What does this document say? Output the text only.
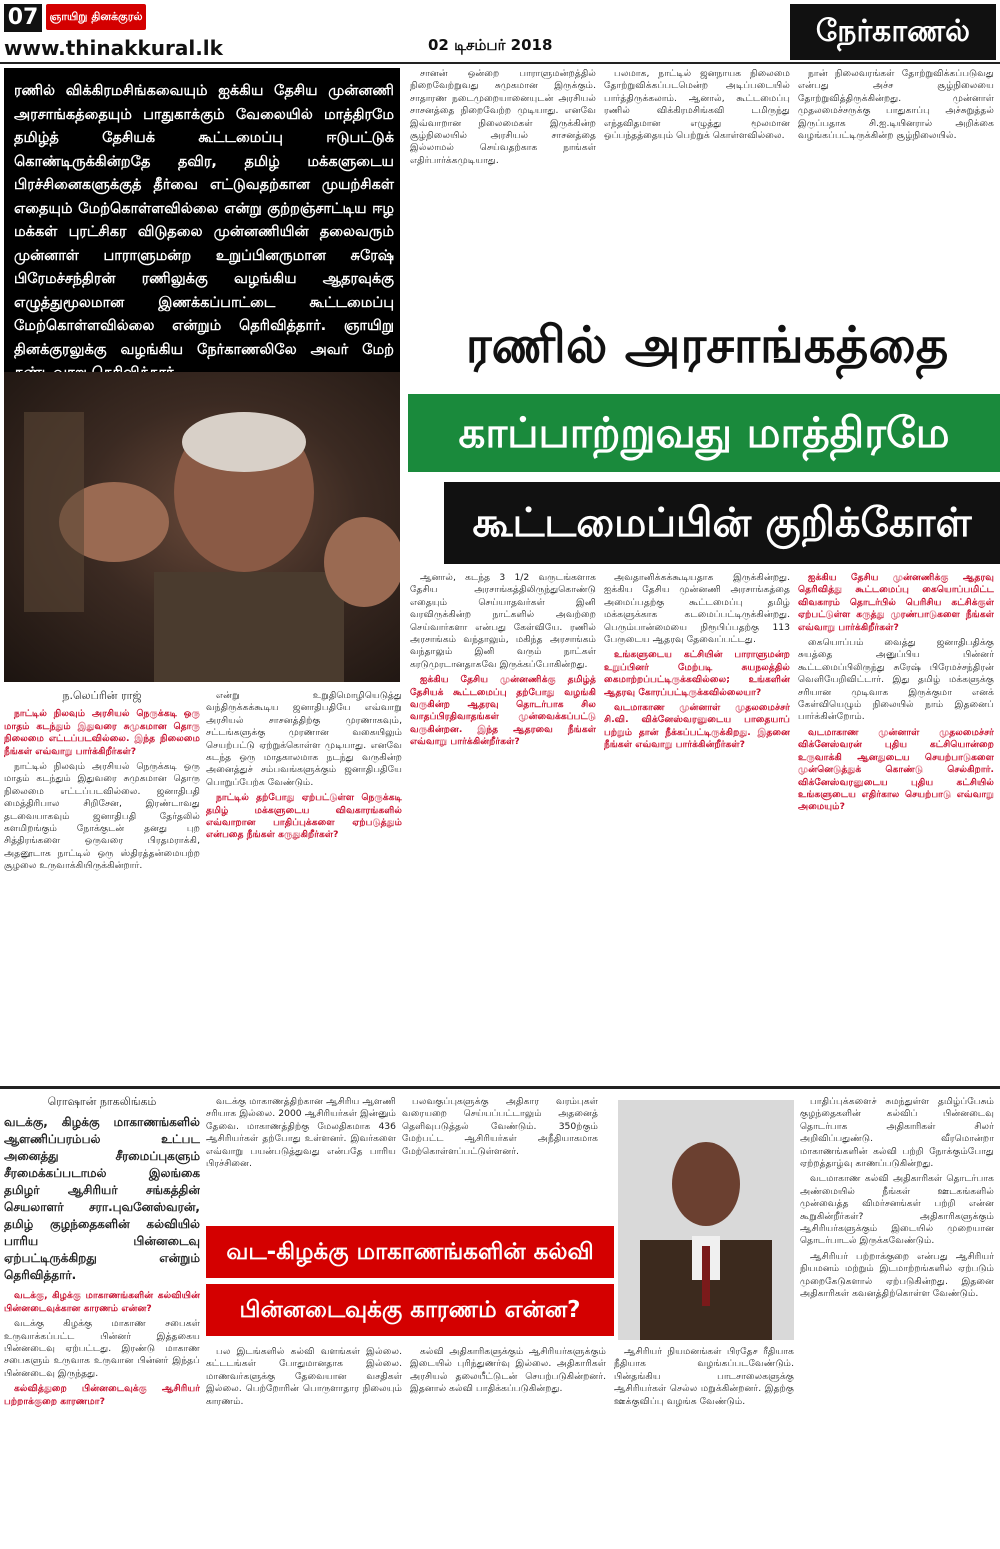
07	ஞாயிறு தினக்குரல்
www.thinakkural.lk	02 டிசம்பர் 2018	நேர்காணல்
ரணில் விக்கிரமசிங்கவையும் ஐக்கிய தேசிய முன்னணி அரசாங்கத்தையும் பாதுகாக்கும் வேலையில் மாத்திரமே தமிழ்த் தேசியக் கூட்டமைப்பு ஈடுபட்டுக் கொண்டிருக்கின்றதே தவிர, தமிழ் மக்களுடைய பிரச்சினைகளுக்குத் தீர்வை எட்டுவதற்கான முயற்சிகள் எதையும் மேற்கொள்ளவில்லை என்று குற்றஞ்சாட்டிய ஈழ மக்கள் புரட்சிகர விடுதலை முன்னணியின் தலைவரும் முன்னாள் பாராளுமன்ற உறுப்பினருமான சுரேஷ் பிரேமச்சந்திரன் ரணிலுக்கு வழங்கிய ஆதரவுக்கு எழுத்துமூலமான இணக்கப்பாட்டை கூட்டமைப்பு மேற்கொள்ளவில்லை என்றும் தெரிவித்தார். ஞாயிறு தினக்குரலுக்கு வழங்கிய நேர்காணலிலே அவர் மேற்	ரணில் அரசாங்கத்தை
காப்பாற்றுவது மாத்திரமே
கூட்டமைப்பின் குறிக்கோள்

சானன் ஒன்றை பாராளுமன்றத்தில் நிறைவேற்றுவது சுமுகமான இருக்கும். சாதாரண நடைமுறையானையுடன் அரசியல் சாசனத்தை நிறைவேற்ற முடியாது. எனவே இவ்வாறான நிலைமைகள் இருக்கின்ற சூழ்நிலையில் அரசியல் சாசனத்தை இல்லாமல் செய்வதற்காக நாங்கள் எதிர்பார்க்கமுடியாது.

பலமாக, நாட்டில் ஜனநாயக நிலைமை தோற்றுவிக்கப்படமென்ற அடிப்படையில் பார்த்திருக்கலாம். ஆனால், கூட்டமைப்பு ரணில் விக்கிரமசிங்கவி டமிருந்து எந்தவிதமான எழுத்து மூலமான ஒப்பந்தத்தையும் பெற்றுக் கொள்ளவில்லை.

நான் நிலைவரங்கள் தோற்றுவிக்கப்படுவது என்பது அச்ச சூழ்நிலையை தோற்றுவித்திருக்கின்றது. முன்னாள் முதலமைச்சருக்கு பாதுகாப்பு அச்சுறுத்தல் இருப்பதாக சி.ஐ.டியினரால் அறிக்கை வழங்கப்பட்டிருக்கின்ற சூழ்நிலையில்.

ந.லெப்ரின் ராஜ்

நாட்டில் நிலவும் அரசியல் நெருக்கடி ஒரு மாதம் கடந்தும் இதுவரை சுமுகமான தொரு நிலைமை எட்டப்படவில்லை. இந்த நிலைமை நீங்கள் எவ்வாறு பார்க்கிறீர்கள்?

நாட்டில் நிலவும் அரசியல் நெருக்கடி ஒரு மாதம் கடந்தும் இதுவரை சுமுகமான தொரு நிலைமை எட்டப்படவில்லை. ஜனாதிபதி மைத்திரிபால சிறிசேன, இரண்டாவது தடவையாகவும் ஜனாதிபதி தேர்தலில் களமிறங்கும் நோக்குடன் தனது புற சித்திரங்களை ஒருவரை பிரதமராக்கி, அதனூடாக நாட்டில் ஒரு ஸ்திரத்தன்மையற்ற சூழலை உருவாக்கியிருக்கின்றார்.

என்று உறுதிமொழியெடுத்து வந்திருக்கக்கூடிய ஜனாதிபதியே எவ்வாறு அரசியல் சாசனத்திற்கு முரணாகவும், சட்டங்களுக்கு முரணான வகையிலும் செயற்பட்டு ஏற்றுக்கொள்ள முடியாது. எனவே கடந்த ஒரு மாதகாலமாக நடந்து வருகின்ற அனைத்துச் சம்பவங்களுக்கும் ஜனாதிபதியே பொறுப்பேற்க வேண்டும்.

நாட்டில் தற்போது ஏற்பட்டுள்ள நெருக்கடி தமிழ் மக்களுடைய விவகாரங்களில் எவ்வாறான பாதிப்புக்களை ஏற்படுத்தும் என்பதை நீங்கள் கருதுகிறீர்கள்?

ஆனால், கடந்த 3 1/2 வருடங்களாக தேசிய அரசாங்கத்திலிருந்துகொண்டு எதையும் செய்யாதவர்கள் இனி வரவிருக்கின்ற நாட்களில் அவற்றை செய்வார்களா என்பது கேள்வியே. ரணில் அரசாங்கம் வந்தாலும், மகிந்த அரசாங்கம் வந்தாலும் இனி வரும் நாட்கள் கரடுமுரடானதாகவே இருக்கப்போகின்றது.

ஐக்கிய தேசிய முன்னணிக்கு தமிழ்த் தேசியக் கூட்டமைப்பு தற்போது வழங்கி வருகின்ற ஆதரவு தொடர்பாக சில வாதப்பிரதிவாதங்கள் முன்வைக்கப்பட்டு வருகின்றன. இந்த ஆதரவை நீங்கள் எவ்வாறு பார்க்கின்றீர்கள்?

அவதானிக்கக்கூடியதாக இருக்கின்றது. ஐக்கிய தேசிய முன்னணி அரசாங்கத்தை அமைப்பதற்கு கூட்டமைப்பு தமிழ் மக்களுக்காக கடமைப்பட்டிருக்கின்றது. பெரும்பான்மையை நிரூபிப்பதற்கு 113 பேருடைய ஆதரவு தேவைப்பட்டது.

உங்களுடைய கட்சியின் பாராளுமன்ற உறுப்பினர் மேற்படி சுயநலத்தில் கைமாற்றப்பட்டிருக்கவில்லை; உங்களின் ஆதரவு கோரப்பட்டிருக்கவில்லையா?

வடமாகாண முன்னாள் முதலமைச்சர் சி.வி. விக்னேஸ்வரனுடைய பாதையாப் பற்றும் தான் நீக்கப்பட்டிருக்கிறது. இதனை நீங்கள் எவ்வாறு பார்க்கின்றீர்கள்?

ஐக்கிய தேசிய முன்னணிக்கு ஆதரவு தெரிவித்து கூட்டமைப்பு கையொப்பமிட்ட விவகாரம் தொடர்பில் பெரிசிய கட்சிக்குள் ஏற்பட்டுள்ள கருத்து முரண்பாடுகளை நீங்கள் எவ்வாறு பார்க்கிறீர்கள்?

கையொப்பம் வைத்து ஜனாதிபதிக்கு சுயத்தை அனுப்பிய பின்னர் கூட்டமைப்பிலிருந்து சுரேஷ் பிரேமச்சந்திரன் வெளியேறிவிட்டார். இது தமிழ் மக்களுக்கு சரியான முடிவாக இருக்குமா எனக் கேள்வியெழும் நிலையில் நாம் இதனைப் பார்க்கின்றோம்.

வடமாகாண முன்னாள் முதலமைச்சர் விக்னேஸ்வரன் புதிய கட்சியொன்றை உருவாக்கி ஆனதுடைய செயற்பாடுகளை முன்னெடுத்துக் கொண்டு செல்கிறார். விக்னேஸ்வரனுடைய புதிய கட்சியில் உங்களுடைய எதிர்கால செயற்பாடு எவ்வாறு அமையும்?

ரொஷான் நாகலிங்கம்
வடக்கு, கிழக்கு மாகாணங்களில் ஆளணிப்பரம்பல் உட்பட அனைத்து சீரமைப்புகளும் சீரமைக்கப்படாமல் இலங்கை தமிழர் ஆசிரியர் சங்கத்தின் செயலாளர் சரா.புவனேஸ்வரன், தமிழ் குழந்தைகளின் கல்வியில் பாரிய பின்னடைவு ஏற்பட்டிருக்கிறது என்றும் தெரிவித்தார்.

வடக்கு, கிழக்கு மாகாணங்களின் கல்வியின் பின்னடைவுக்கான காரணம் என்ன?

வடக்கு கிழக்கு மாகாண சபைகள் உருவாக்கப்பட்ட பின்னர் இத்தகைய பின்னடைவு ஏற்பட்டது. இரண்டு மாகாண சபைகளும் உருவாக உருவான பின்னர் இந்தப் பின்னடைவு இருந்தது.

கல்வித்துறை பின்னடைவுக்கு ஆசிரியர் பற்றாக்குறை காரணமா?

வடக்கு மாகாணத்திற்கான ஆசிரிய ஆளணி சரியாக இல்லை. 2000 ஆசிரியர்கள் இன்னும் தேவை. மாகாணத்திற்கு மேலதிகமாக 436 ஆசிரியர்கள் தற்போது உள்ளனர். இவர்களை எவ்வாறு பயன்படுத்துவது என்பதே பாரிய பிரச்சினை.

பலவகுப்புகளுக்கு அதிகார வரம்புகள் வரையறை செய்யப்பட்டாலும் அதனைத் தெளிவுபடுத்தல் வேண்டும். 350ற்கும் மேற்பட்ட ஆசிரியர்கள் அநீதியாகமாக மேற்கொள்ளப்பட்டுள்ளனர்.

வட-கிழக்கு மாகாணங்களின் கல்வி
பின்னடைவுக்கு காரணம் என்ன?

பல இடங்களில் கல்வி வளங்கள் இல்லை. கட்டடங்கள் போதுமானதாக இல்லை. மாணவர்களுக்கு தேவையான வசதிகள் இல்லை. பெற்றோரின் பொருளாதார நிலையும் காரணம்.

கல்வி அதிகாரிகளுக்கும் ஆசிரியர்களுக்கும் இடையில் புரிந்துணர்வு இல்லை. அதிகாரிகள் அரசியல் தலையீட்டுடன் செயற்படுகின்றனர். இதனால் கல்வி பாதிக்கப்படுகின்றது.

ஆசிரியர் நியமனங்கள் பிரதேச ரீதியாக நீதியாக வழங்கப்படவேண்டும். பின்தங்கிய பாடசாலைகளுக்கு ஆசிரியர்கள் செல்ல மறுக்கின்றனர். இதற்கு ஊக்குவிப்பு வழங்க வேண்டும்.

பாதிப்புக்களைச் சுமந்துள்ள தமிழ்ப்பேசும் குழந்தைகளின் கல்விப் பின்னடைவு தொடர்பாக அதிகாரிகள் சிலர் அறிவிப்பதுண்டு. வீரமொன்றா மாகாணங்களின் கல்வி பற்றி நோக்கும்போது ஏற்றத்தாழ்வு காணப்படுகின்றது.

வடமாகாண கல்வி அதிகாரிகள் தொடர்பாக அண்மையில் நீங்கள் ஊடகங்களில் முன்வைத்த விமர்சனங்கள் பற்றி என்ன கூறுகின்றீர்கள்? அதிகாரிகளுக்கும் ஆசிரியர்களுக்கும் இடையில் முறையான தொடர்பாடல் இருக்கவேண்டும்.

ஆசிரியர் பற்றாக்குறை என்பது ஆசிரியர் நியமனம் மற்றும் இடமாற்றங்களில் ஏற்படும் முறைகேடுகளால் ஏற்படுகின்றது. இதனை அதிகாரிகள் கவனத்திற்கொள்ள வேண்டும்.
